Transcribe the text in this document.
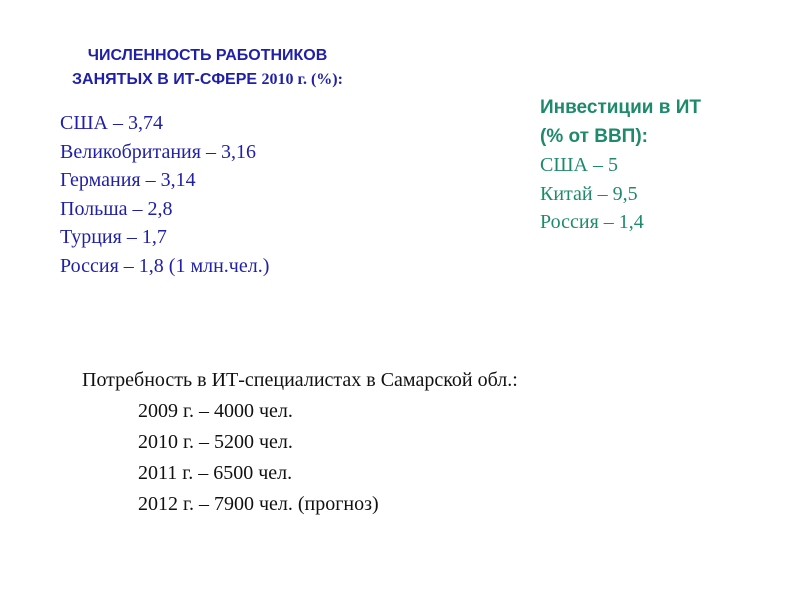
ЧИСЛЕННОСТЬ РАБОТНИКОВ
ЗАНЯТЫХ В ИТ-СФЕРЕ 2010 г. (%):
США – 3,74
Великобритания – 3,16
Германия – 3,14
Польша – 2,8
Турция – 1,7
Россия – 1,8 (1 млн.чел.)
Инвестиции в ИТ
(% от ВВП):
США – 5
Китай – 9,5
Россия – 1,4
Потребность в ИТ-специалистах в Самарской обл.:
2009 г. – 4000 чел.
2010 г. – 5200 чел.
2011 г. – 6500 чел.
2012 г. – 7900 чел. (прогноз)
